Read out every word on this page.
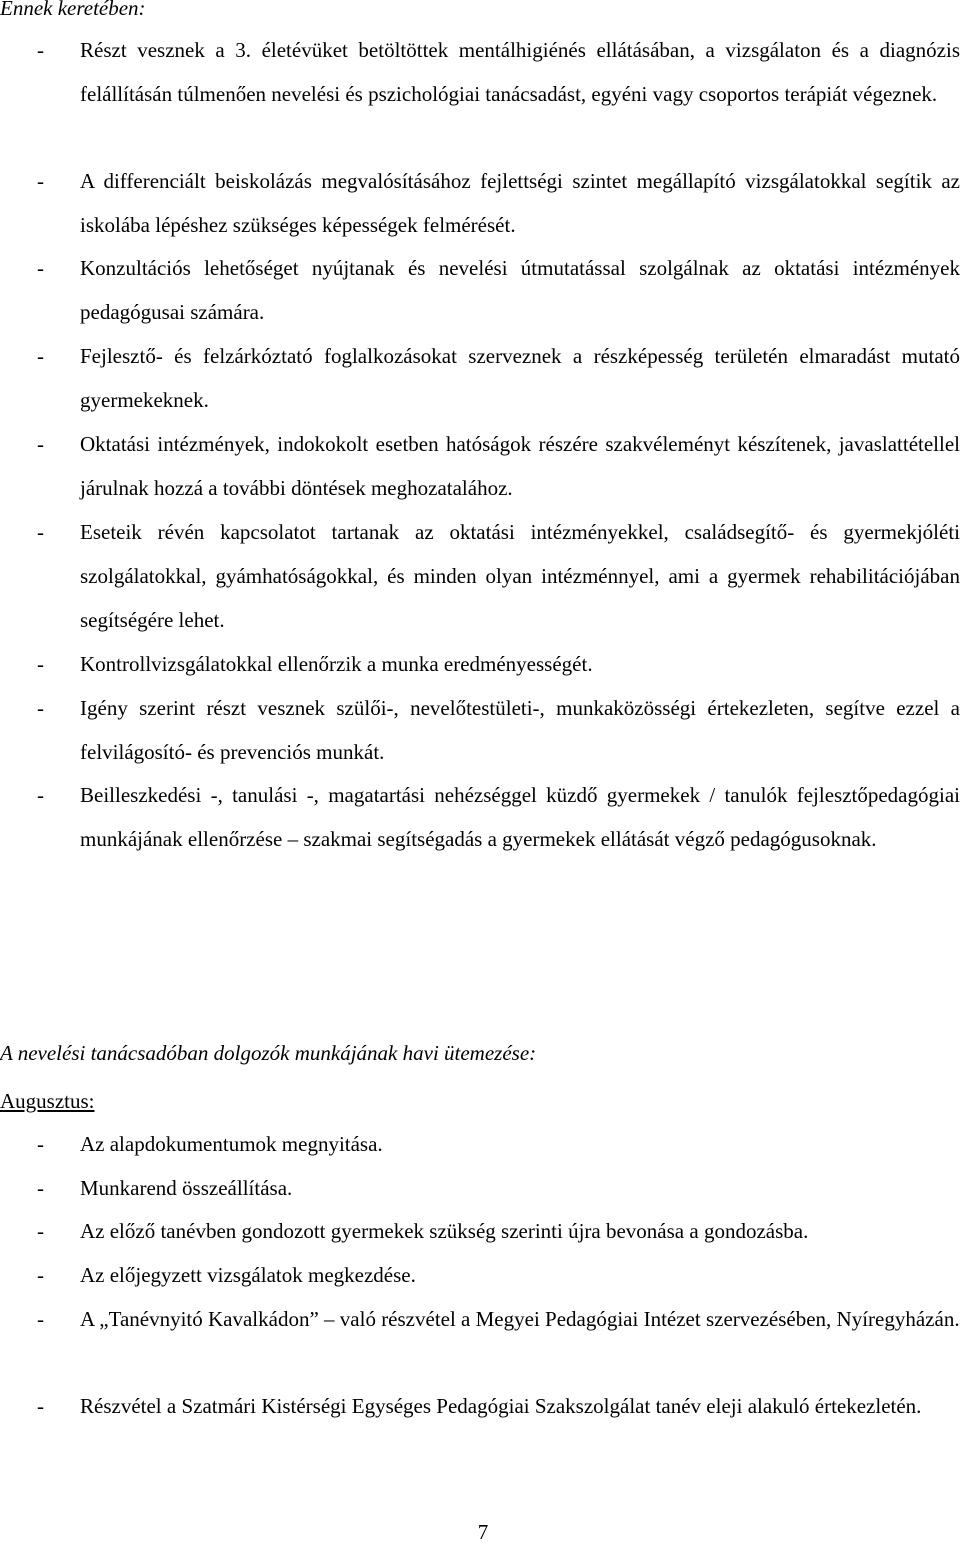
Ennek keretében:
- Részt vesznek a 3. életévüket betöltöttek mentálhigiénés ellátásában, a vizsgálaton és a diagnózis felállításán túlmenően nevelési és pszichológiai tanácsadást, egyéni vagy csoportos terápiát végeznek.
- A differenciált beiskolázás megvalósításához fejlettségi szintet megállapító vizsgálatokkal segítik az iskolába lépéshez szükséges képességek felmérését.
- Konzultációs lehetőséget nyújtanak és nevelési útmutatással szolgálnak az oktatási intézmények pedagógusai számára.
- Fejlesztő- és felzárkóztató foglalkozásokat szerveznek a részképesség területén elmaradást mutató gyermekeknek.
- Oktatási intézmények, indokokolt esetben hatóságok részére szakvéleményt készítenek, javaslattétellel járulnak hozzá a további döntések meghozatalához.
- Eseteik révén kapcsolatot tartanak az oktatási intézményekkel, családsegítő- és gyermekjóléti szolgálatokkal, gyámhatóságokkal, és minden olyan intézménnyel, ami a gyermek rehabilitációjában segítségére lehet.
- Kontrollvizsgálatokkal ellenőrzik a munka eredményességét.
- Igény szerint részt vesznek szülői-, nevelőtestületi-, munkaközösségi értekezleten, segítve ezzel a felvilágosító- és prevenciós munkát.
- Beilleszkedési -, tanulási -, magatartási nehézséggel küzdő gyermekek / tanulók fejlesztőpedagógiai munkájának ellenőrzése – szakmai segítségadás a gyermekek ellátását végző pedagógusoknak.
A nevelési tanácsadóban dolgozók munkájának havi ütemezése:
Augusztus:
- Az alapdokumentumok megnyitása.
- Munkarend összeállítása.
- Az előző tanévben gondozott gyermekek szükség szerinti újra bevonása a gondozásba.
- Az előjegyzett vizsgálatok megkezdése.
- A „Tanévnyitó Kavalkádon” – való részvétel a Megyei Pedagógiai Intézet szervezésében, Nyíregyházán.
- Részvétel a Szatmári Kistérségi Egységes Pedagógiai Szakszolgálat tanév eleji alakuló értekezletén.
7
